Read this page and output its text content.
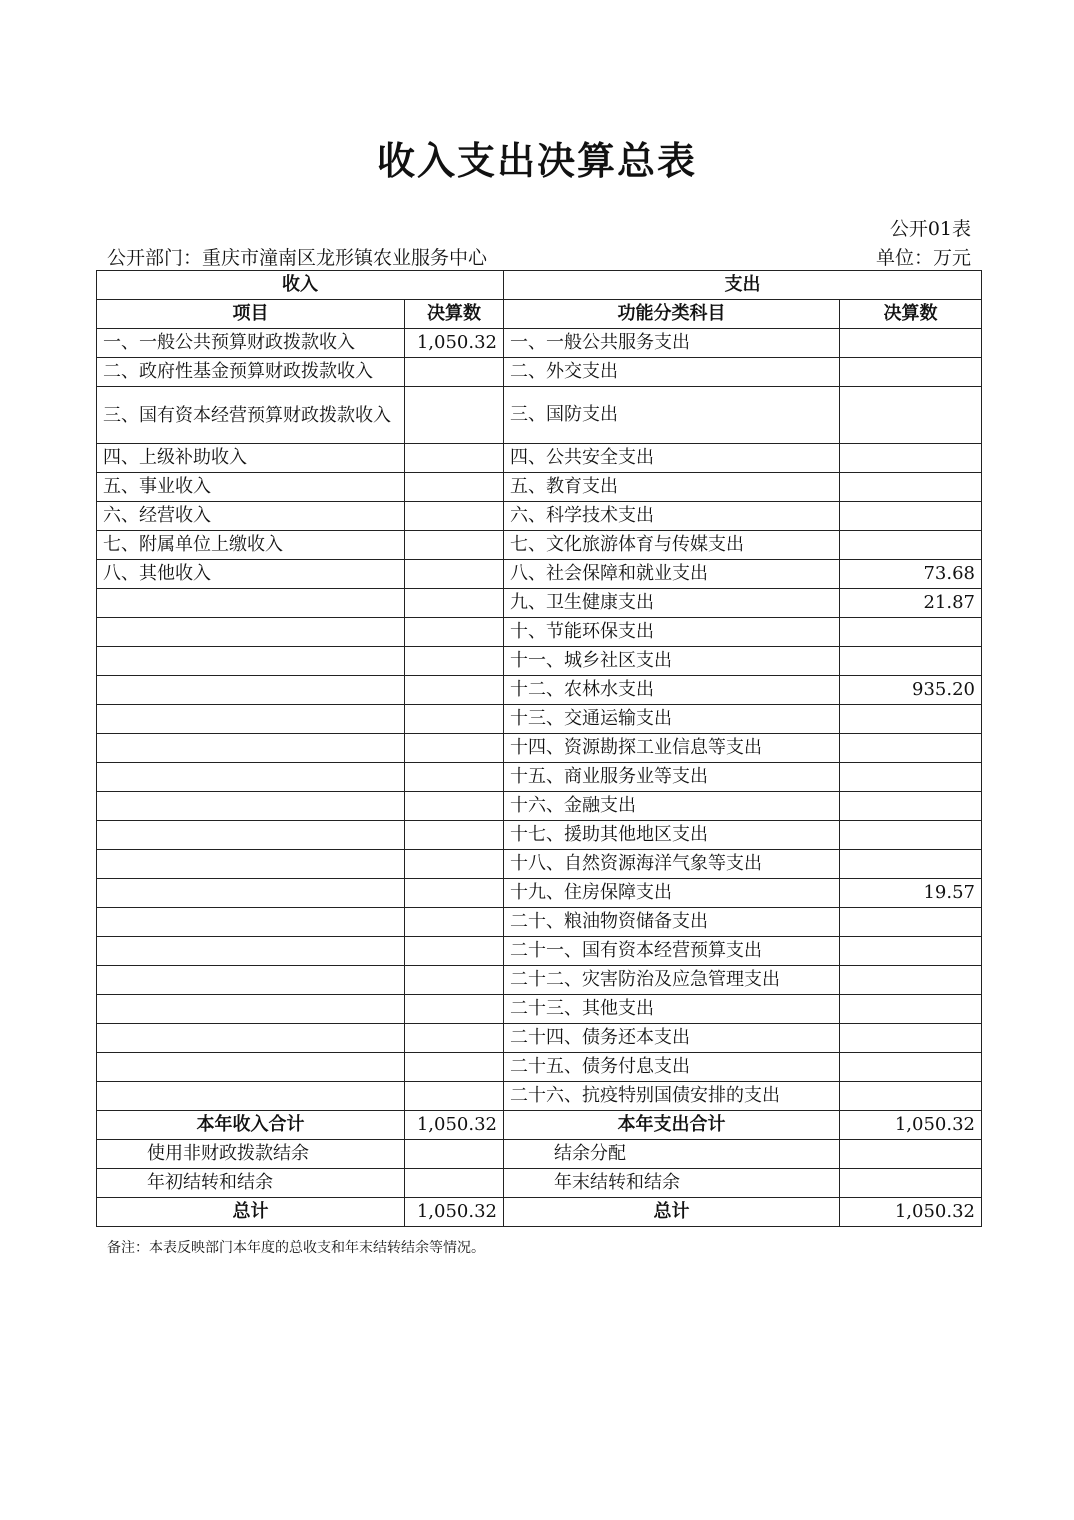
收入支出决算总表
公开01表
公开部门：重庆市潼南区龙形镇农业服务中心	单位：万元
收入		支出	
项目	决算数	功能分类科目	决算数
一、一般公共预算财政拨款收入	1,050.32	一、一般公共服务支出	
二、政府性基金预算财政拨款收入		二、外交支出	
三、国有资本经营预算财政拨款收入		三、国防支出	
四、上级补助收入		四、公共安全支出	
五、事业收入		五、教育支出	
六、经营收入		六、科学技术支出	
七、附属单位上缴收入		七、文化旅游体育与传媒支出	
八、其他收入		八、社会保障和就业支出	73.68
		九、卫生健康支出	21.87
		十、节能环保支出	
		十一、城乡社区支出	
		十二、农林水支出	935.20
		十三、交通运输支出	
		十四、资源勘探工业信息等支出	
		十五、商业服务业等支出	
		十六、金融支出	
		十七、援助其他地区支出	
		十八、自然资源海洋气象等支出	
		十九、住房保障支出	19.57
		二十、粮油物资储备支出	
		二十一、国有资本经营预算支出	
		二十二、灾害防治及应急管理支出	
		二十三、其他支出	
		二十四、债务还本支出	
		二十五、债务付息支出	
		二十六、抗疫特别国债安排的支出	
本年收入合计	1,050.32	本年支出合计	1,050.32
使用非财政拨款结余		结余分配	
年初结转和结余		年末结转和结余	
总计	1,050.32	总计	1,050.32
备注：本表反映部门本年度的总收支和年末结转结余等情况。
